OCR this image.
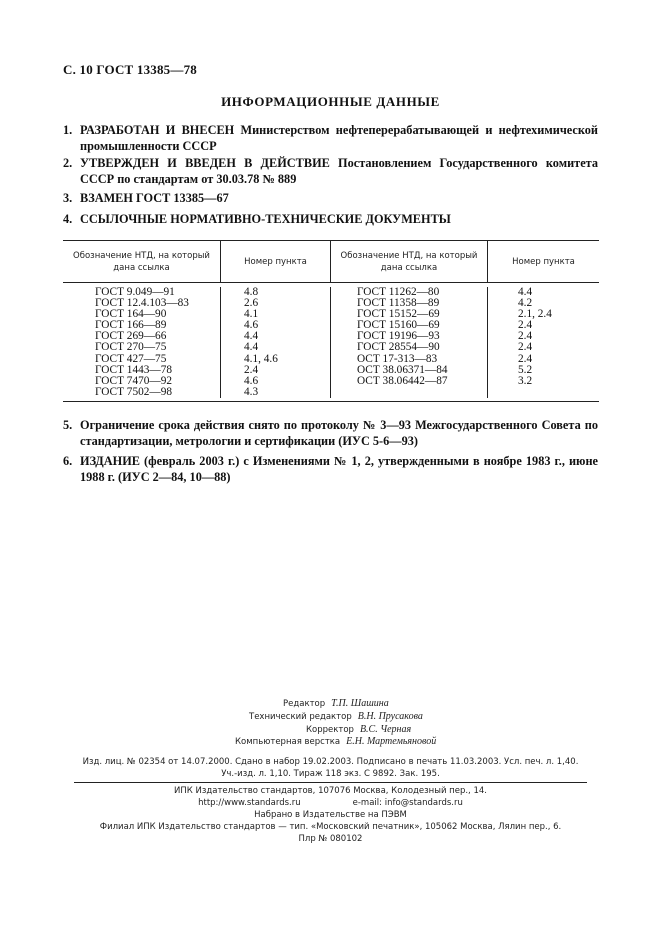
С. 10 ГОСТ 13385—78
ИНФОРМАЦИОННЫЕ ДАННЫЕ
1. РАЗРАБОТАН И ВНЕСЕН Министерством нефтеперерабатывающей и нефтехимической промышленности СССР
2. УТВЕРЖДЕН И ВВЕДЕН В ДЕЙСТВИЕ Постановлением Государственного комитета СССР по стандартам от 30.03.78 № 889
3. ВЗАМЕН ГОСТ 13385—67
4. ССЫЛОЧНЫЕ НОРМАТИВНО-ТЕХНИЧЕСКИЕ ДОКУМЕНТЫ
Обозначение НТД, на который дана ссылка
Номер пункта
Обозначение НТД, на который дана ссылка
Номер пункта
ГОСТ 9.049—91
ГОСТ 12.4.103—83
ГОСТ 164—90
ГОСТ 166—89
ГОСТ 269—66
ГОСТ 270—75
ГОСТ 427—75
ГОСТ 1443—78
ГОСТ 7470—92
ГОСТ 7502—98
4.8
2.6
4.1
4.6
4.4
4.4
4.1, 4.6
2.4
4.6
4.3
ГОСТ 11262—80
ГОСТ 11358—89
ГОСТ 15152—69
ГОСТ 15160—69
ГОСТ 19196—93
ГОСТ 28554—90
ОСТ 17-313—83
ОСТ 38.06371—84
ОСТ 38.06442—87
4.4
4.2
2.1, 2.4
2.4
2.4
2.4
2.4
5.2
3.2
5. Ограничение срока действия снято по протоколу № 3—93 Межгосударственного Совета по стандартизации, метрологии и сертификации (ИУС 5-6—93)
6. ИЗДАНИЕ (февраль 2003 г.) с Изменениями № 1, 2, утвержденными в ноябре 1983 г., июне 1988 г. (ИУС 2—84, 10—88)
Редактор Т.П. Шашина
Технический редактор В.Н. Прусакова
Корректор В.С. Черная
Компьютерная верстка Е.Н. Мартемьяновой
Изд. лиц. № 02354 от 14.07.2000. Сдано в набор 19.02.2003. Подписано в печать 11.03.2003. Усл. печ. л. 1,40.
Уч.-изд. л. 1,10. Тираж 118 экз. С 9892. Зак. 195.
ИПК Издательство стандартов, 107076 Москва, Колодезный пер., 14.
http://www.standards.ru	e-mail: info@standards.ru
Набрано в Издательстве на ПЭВМ
Филиал ИПК Издательство стандартов — тип. «Московский печатник», 105062 Москва, Лялин пер., 6.
Плр № 080102
